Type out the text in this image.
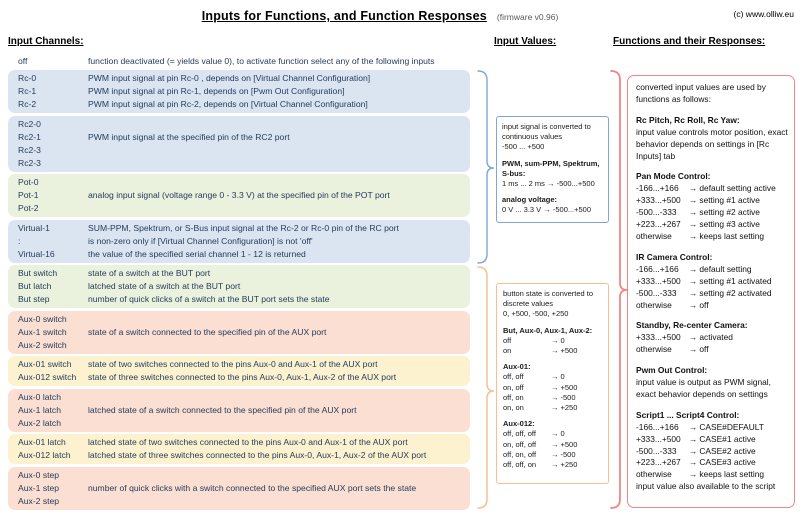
Inputs for Functions, and Function Responses (firmware v0.96)	(c) www.olliw.eu
Input Channels:	Input Values:	Functions and their Responses:
off	function deactivated (= yields value 0), to activate function select any of the following inputs
Rc-0	PWM input signal at pin Rc-0 , depends on [Virtual Channel Configuration]
Rc-1	PWM input signal at pin Rc-1, depends on [Pwm Out Configuration]
Rc-2	PWM input signal at pin Rc-2, depends on [Virtual Channel Configuration]
Rc2-0
Rc2-1	PWM input signal at the specified pin of the RC2 port
Rc2-3
Rc2-3
Pot-0
Pot-1	analog input signal (voltage range 0 - 3.3 V) at the specified pin of the POT port
Pot-2
Virtual-1	SUM-PPM, Spektrum, or S-Bus input signal at the Rc-2 or Rc-0 pin of the RC port
:	is non-zero only if [Virtual Channel Configuration] is not 'off'
Virtual-16	the value of the specified serial channel 1 - 12 is returned
But switch	state of a switch at the BUT port
But latch	latched state of a switch at the BUT port
But step	number of quick clicks of a switch at the BUT port sets the state
Aux-0 switch
Aux-1 switch	state of a switch connected to the specified pin of the AUX port
Aux-2 switch
Aux-01 switch	state of two switches connected to the pins Aux-0 and Aux-1 of the AUX port
Aux-012 switch	state of three switches connected to the pins Aux-0, Aux-1, Aux-2 of the AUX port
Aux-0 latch
Aux-1 latch	latched state of a switch connected to the specified pin of the AUX port
Aux-2 latch
Aux-01 latch	latched state of two switches connected to the pins Aux-0 and Aux-1 of the AUX port
Aux-012 latch	latched state of three switches connected to the pins Aux-0, Aux-1, Aux-2 of the AUX port
Aux-0 step
Aux-1 step	number of quick clicks with a switch connected to the specified AUX port sets the state
Aux-2 step
input signal is converted to continuous values
-500 ... +500
PWM, sum-PPM, Spektrum, S-bus:
1 ms ... 2 ms → -500...+500
analog voltage:
0 V ... 3.3 V → -500...+500
button state is converted to discrete values
0, +500, -500, +250
But, Aux-0, Aux-1, Aux-2:
off	→ 0
on	→ +500
Aux-01:
off, off	→ 0
on, off	→ +500
off, on	→ -500
on, on	→ +250
Aux-012:
off, off, off	→ 0
on, off, off	→ +500
off, on, off	→ -500
off, off, on	→ +250
converted input values are used by functions as follows:
Rc Pitch, Rc Roll, Rc Yaw:
input value controls motor position, exact behavior depends on settings in [Rc Inputs] tab
Pan Mode Control:
-166...+166	→ default setting active
+333...+500 → setting #1 active
-500...-333	→ setting #2 active
+223...+267 → setting #3 active
otherwise	→ keeps last setting
IR Camera Control:
-166...+166	→ default setting
+333...+500 → setting #1 activated
-500...-333	→ setting #2 activated
otherwise	→ off
Standby, Re-center Camera:
+333...+500 → activated
otherwise	→ off
Pwm Out Control:
input value is output as PWM signal, exact behavior depends on settings
Script1 ... Script4 Control:
-166...+166	→ CASE#DEFAULT
+333...+500 → CASE#1 active
-500...-333	→ CASE#2 active
+223...+267 → CASE#3 active
otherwise	→ keeps last setting
input value also available to the script
